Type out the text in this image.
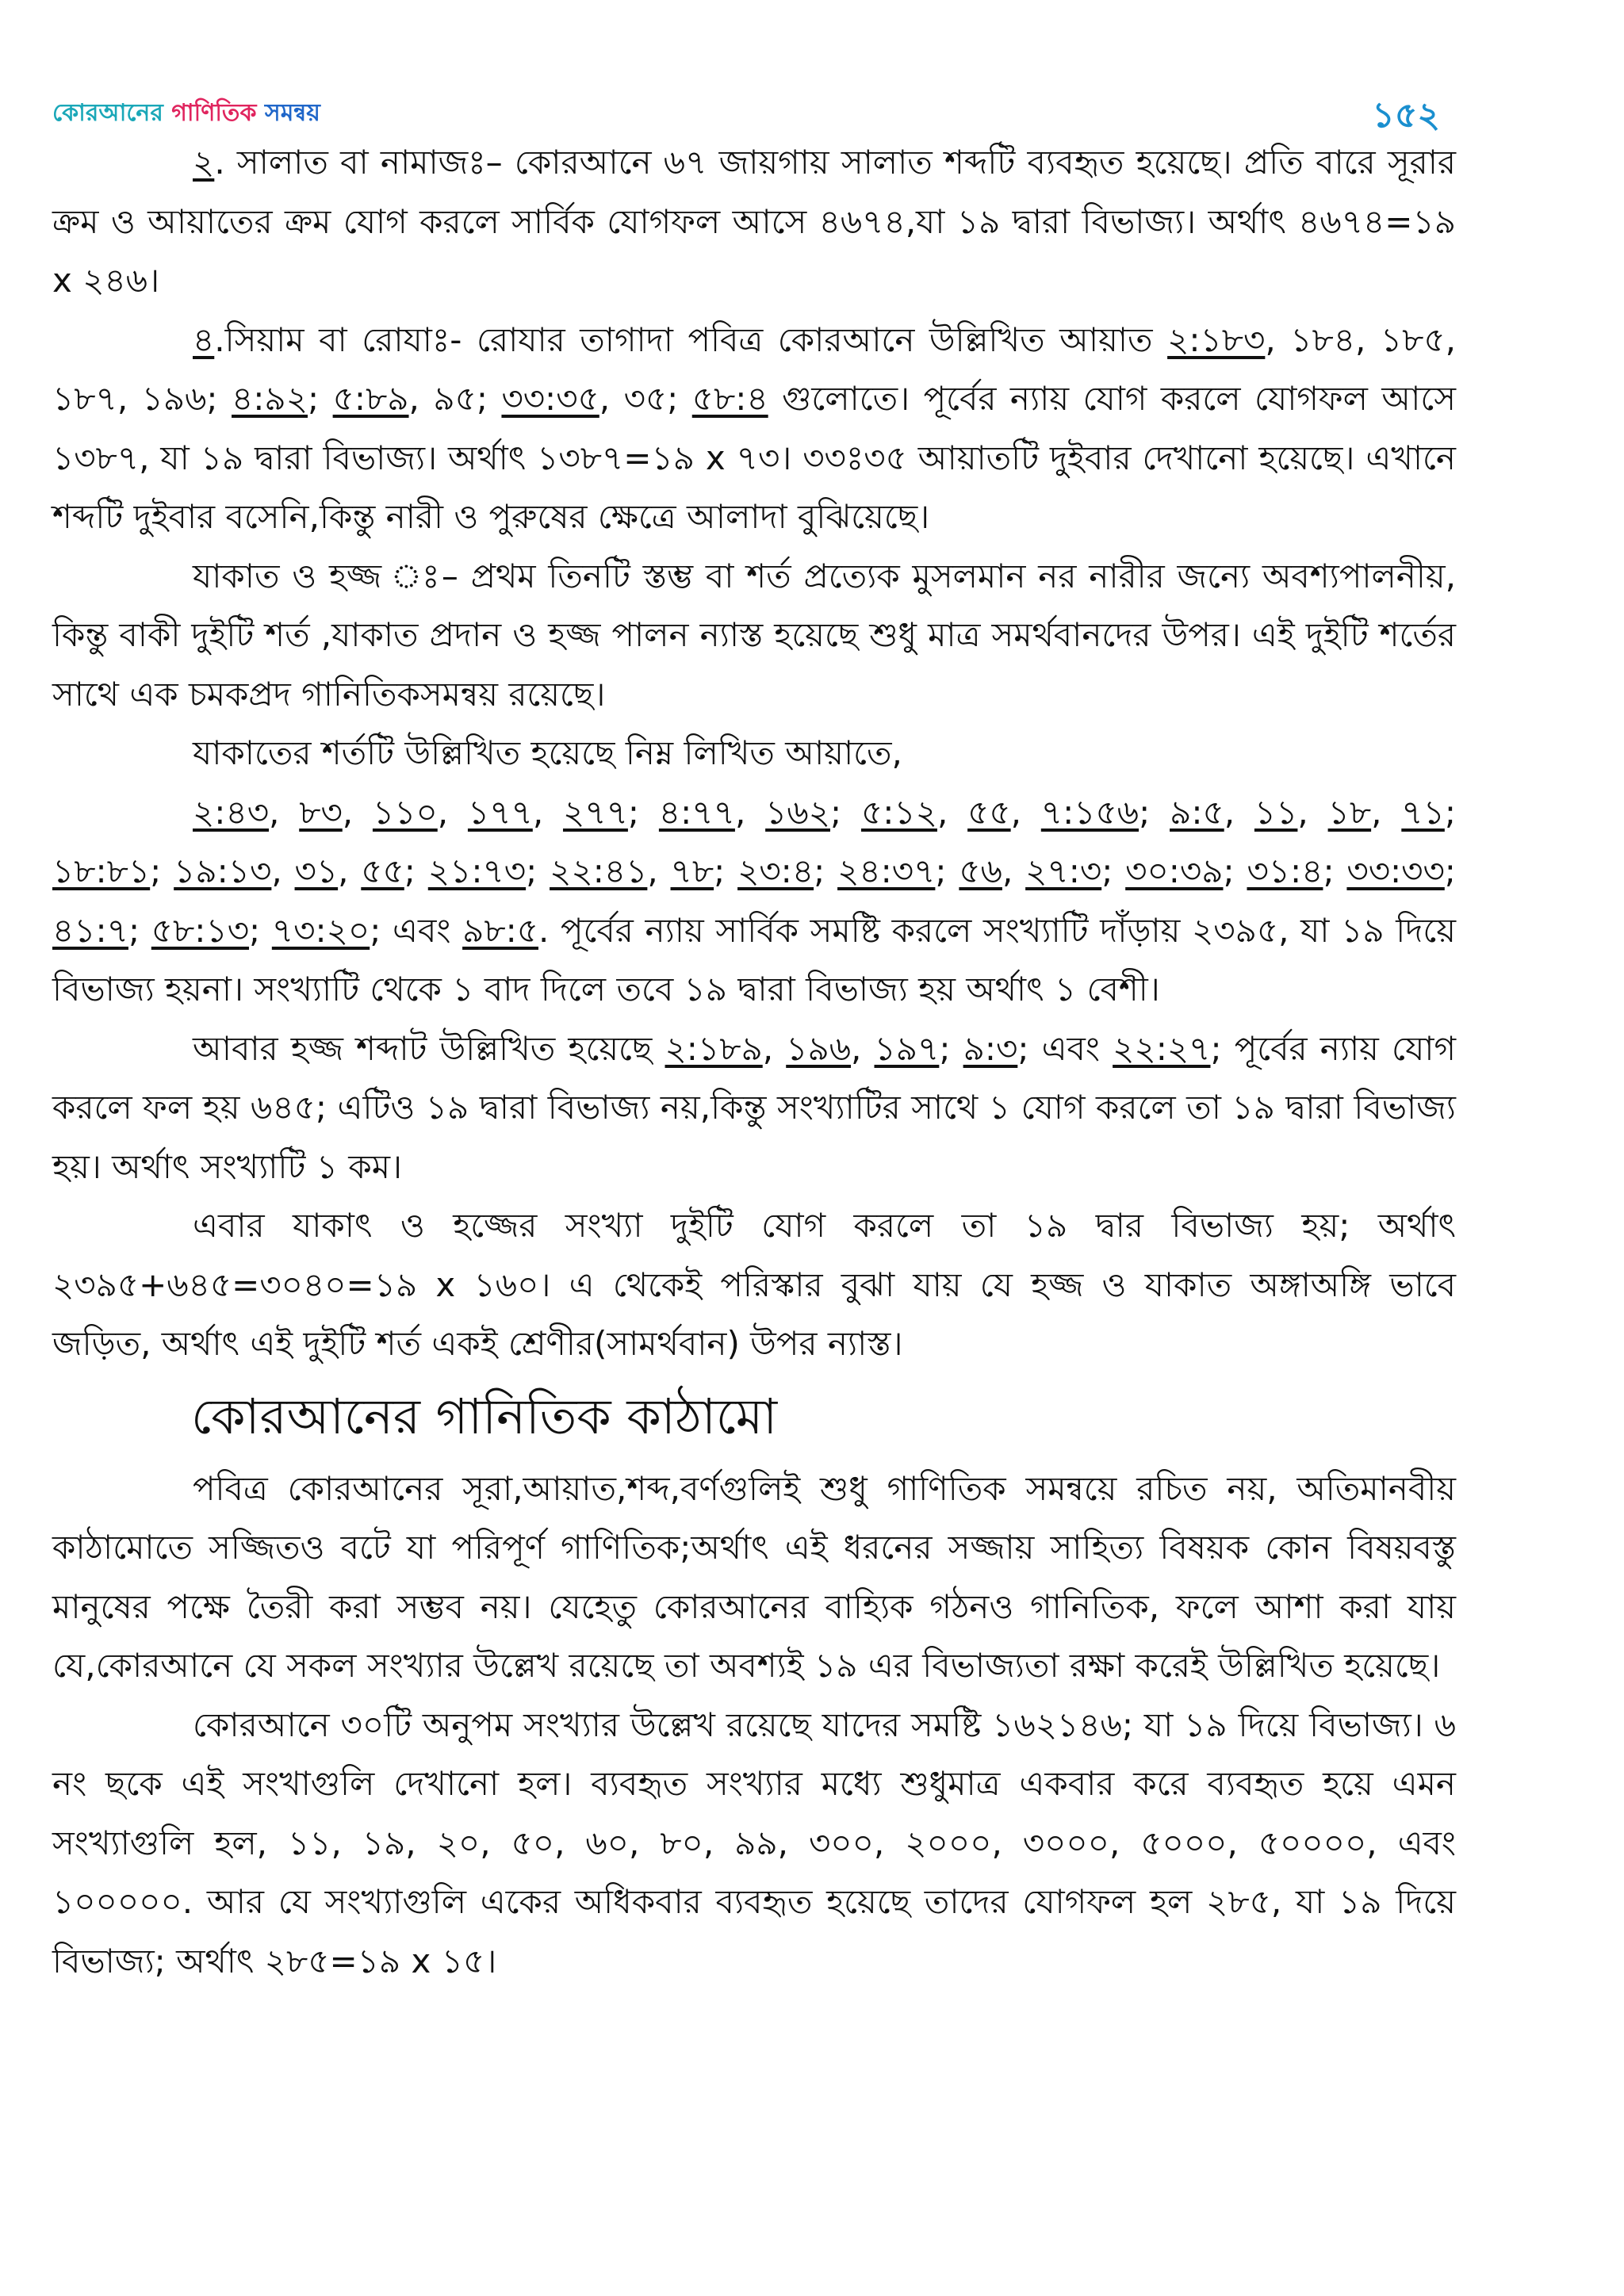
কোরআনের গাণিতিক সমন্বয়	১৫২

২. সালাত বা নামাজঃ– কোরআনে ৬৭ জায়গায় সালাত শব্দটি ব্যবহৃত হয়েছে। প্রতি বারে সূরার ক্রম ও আয়াতের ক্রম যোগ করলে সার্বিক যোগফল আসে ৪৬৭৪,যা ১৯ দ্বারা বিভাজ্য। অর্থাৎ ৪৬৭৪=১৯ x ২৪৬।

৪.সিয়াম বা রোযাঃ- রোযার তাগাদা পবিত্র কোরআনে উল্লিখিত আয়াত ২:১৮৩, ১৮৪, ১৮৫, ১৮৭, ১৯৬; ৪:৯২; ৫:৮৯, ৯৫; ৩৩:৩৫, ৩৫; ৫৮:৪ গুলোতে। পূর্বের ন্যায় যোগ করলে যোগফল আসে ১৩৮৭, যা ১৯ দ্বারা বিভাজ্য। অর্থাৎ ১৩৮৭=১৯ x ৭৩। ৩৩ঃ৩৫ আয়াতটি দুইবার দেখানো হয়েছে। এখানে শব্দটি দুইবার বসেনি,কিন্তু নারী ও পুরুষের ক্ষেত্রে আলাদা বুঝিয়েছে।

যাকাত ও হজ্জ ঃ– প্রথম তিনটি স্তম্ভ বা শর্ত প্রত্যেক মুসলমান নর নারীর জন্যে অবশ্যপালনীয়, কিন্তু বাকী দুইটি শর্ত ,যাকাত প্রদান ও হজ্জ পালন ন্যাস্ত হয়েছে শুধু মাত্র সমর্থবানদের উপর। এই দুইটি শর্তের সাথে এক চমকপ্রদ গানিতিকসমন্বয় রয়েছে।

যাকাতের শর্তটি উল্লিখিত হয়েছে নিম্ন লিখিত আয়াতে,

২:৪৩, ৮৩, ১১০, ১৭৭, ২৭৭; ৪:৭৭, ১৬২; ৫:১২, ৫৫, ৭:১৫৬; ৯:৫, ১১, ১৮, ৭১; ১৮:৮১; ১৯:১৩, ৩১, ৫৫; ২১:৭৩; ২২:৪১, ৭৮; ২৩:৪; ২৪:৩৭; ৫৬, ২৭:৩; ৩০:৩৯; ৩১:৪; ৩৩:৩৩; ৪১:৭; ৫৮:১৩; ৭৩:২০; এবং ৯৮:৫. পূর্বের ন্যায় সার্বিক সমষ্টি করলে সংখ্যাটি দাঁড়ায় ২৩৯৫, যা ১৯ দিয়ে বিভাজ্য হয়না। সংখ্যাটি থেকে ১ বাদ দিলে তবে ১৯ দ্বারা বিভাজ্য হয় অর্থাৎ ১ বেশী।

আবার হজ্জ শব্দাট উল্লিখিত হয়েছে ২:১৮৯, ১৯৬, ১৯৭; ৯:৩; এবং ২২:২৭; পূর্বের ন্যায় যোগ করলে ফল হয় ৬৪৫; এটিও ১৯ দ্বারা বিভাজ্য নয়,কিন্তু সংখ্যাটির সাথে ১ যোগ করলে তা ১৯ দ্বারা বিভাজ্য হয়। অর্থাৎ সংখ্যাটি ১ কম।

এবার যাকাৎ ও হজ্জের সংখ্যা দুইটি যোগ করলে তা ১৯ দ্বার বিভাজ্য হয়; অর্থাৎ ২৩৯৫+৬৪৫=৩০৪০=১৯ x ১৬০। এ থেকেই পরিস্কার বুঝা যায় যে হজ্জ ও যাকাত অঙ্গাঅঙ্গি ভাবে জড়িত, অর্থাৎ এই দুইটি শর্ত একই শ্রেণীর(সামর্থবান) উপর ন্যাস্ত।

কোরআনের গানিতিক কাঠামো

পবিত্র কোরআনের সূরা,আয়াত,শব্দ,বর্ণগুলিই শুধু গাণিতিক সমন্বয়ে রচিত নয়, অতিমানবীয় কাঠামোতে সজ্জিতও বটে যা পরিপূর্ণ গাণিতিক;অর্থাৎ এই ধরনের সজ্জায় সাহিত্য বিষয়ক কোন বিষয়বস্তু মানুষের পক্ষে তৈরী করা সম্ভব নয়। যেহেতু কোরআনের বাহ্যিক গঠনও গানিতিক, ফলে আশা করা যায় যে,কোরআনে যে সকল সংখ্যার উল্লেখ রয়েছে তা অবশ্যই ১৯ এর বিভাজ্যতা রক্ষা করেই উল্লিখিত হয়েছে।

কোরআনে ৩০টি অনুপম সংখ্যার উল্লেখ রয়েছে যাদের সমষ্টি ১৬২১৪৬; যা ১৯ দিয়ে বিভাজ্য। ৬ নং ছকে এই সংখাগুলি দেখানো হল। ব্যবহৃত সংখ্যার মধ্যে শুধুমাত্র একবার করে ব্যবহৃত হয়ে এমন সংখ্যাগুলি হল, ১১, ১৯, ২০, ৫০, ৬০, ৮০, ৯৯, ৩০০, ২০০০, ৩০০০, ৫০০০, ৫০০০০, এবং ১০০০০০. আর যে সংখ্যাগুলি একের অধিকবার ব্যবহৃত হয়েছে তাদের যোগফল হল ২৮৫, যা ১৯ দিয়ে বিভাজ্য; অর্থাৎ ২৮৫=১৯ x ১৫।
